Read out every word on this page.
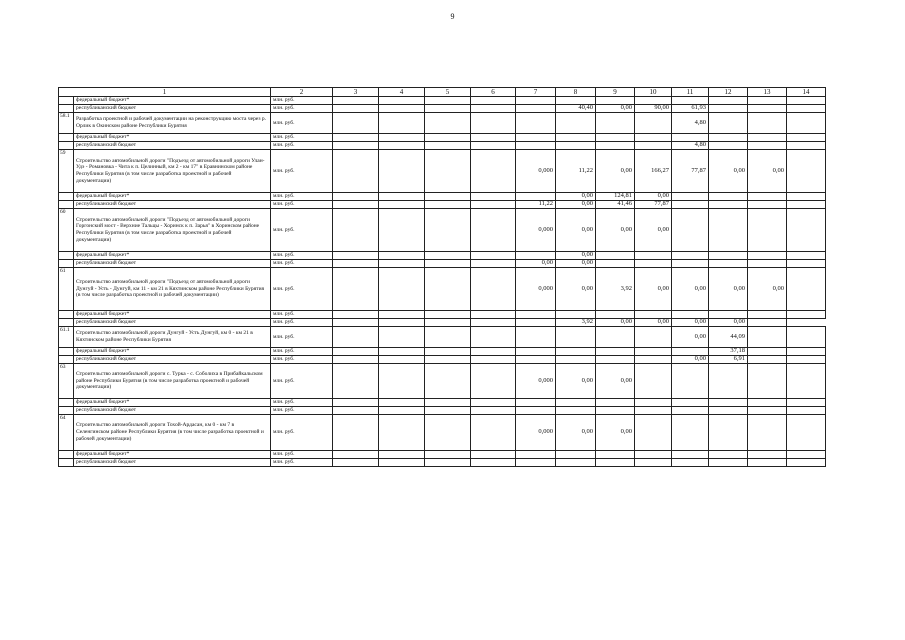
9
1		2	3	4	5	6	7	8	9	10	11	12	13	14
	федеральный бюджет*	млн. руб.												
	республиканский бюджет	млн. руб.						40,40	0,00	90,00	61,93			
58.1	Разработка проектной и рабочей документации на реконструкцию моста через р. Орлик в Окинском районе Республики Бурятия	млн. руб.									4,80			
	федеральный бюджет*	млн. руб.												
	республиканский бюджет	млн. руб.									4,80			
59	Строительство автомобильной дороги "Подъезд от автомобильной дороги Улан-Удэ - Романовка - Чита к п. Целинный, км 2 - км 17" в Еравнинском районе Республики Бурятия (в том числе разработка проектной и рабочей документации)	млн. руб.					0,000	11,22	0,00	166,27	77,87	0,00	0,00	
	федеральный бюджет*	млн. руб.						0,00	124,81	0,00				
	республиканский бюджет	млн. руб.					11,22	0,00	41,46	77,87				
60	Строительство автомобильной дороги "Подъезд от автомобильной дороги Горгонский мост - Верхние Тальцы - Хоринск к п. Зарья" в Хоринском районе Республики Бурятия (в том числе разработка проектной и рабочей документации)	млн. руб.					0,000	0,00	0,00	0,00				
	федеральный бюджет*	млн. руб.						0,00						
	республиканский бюджет	млн. руб.					0,00	0,00						
61	Строительство автомобильной дороги "Подъезд от автомобильной дороги Дунгуй - Усть - Дунгуй, км 11 - км 21 в Кяхтинском районе Республики Бурятия (в том числе разработка проектной и рабочей документации)	млн. руб.					0,000	0,00	3,92	0,00	0,00	0,00	0,00	
	федеральный бюджет*	млн. руб.												
	республиканский бюджет	млн. руб.						3,92	0,00	0,00	0,00	0,00		
61.1	Строительство автомобильной дороги Дунгуй - Усть Дунгуй, км 0 - км 21 в Кяхтинском районе Республики Бурятия	млн. руб.									0,00	44,09		
	федеральный бюджет*	млн. руб.										37,18		
	республиканский бюджет	млн. руб.									0,00	6,91		
63	Строительство автомобильной дороги с. Турка - с. Соболиха в Прибайкальском районе Республики Бурятия (в том числе разработка проектной и рабочей документации)	млн. руб.					0,000	0,00	0,00					
	федеральный бюджет*	млн. руб.												
	республиканский бюджет	млн. руб.												
64	Строительство автомобильной дороги Тохой-Ардасан, км 0 - км 7 в Селенгинском районе Республики Бурятия (в том числе разработка проектной и рабочей документации)	млн. руб.					0,000	0,00	0,00					
	федеральный бюджет*	млн. руб.												
	республиканский бюджет	млн. руб.												
